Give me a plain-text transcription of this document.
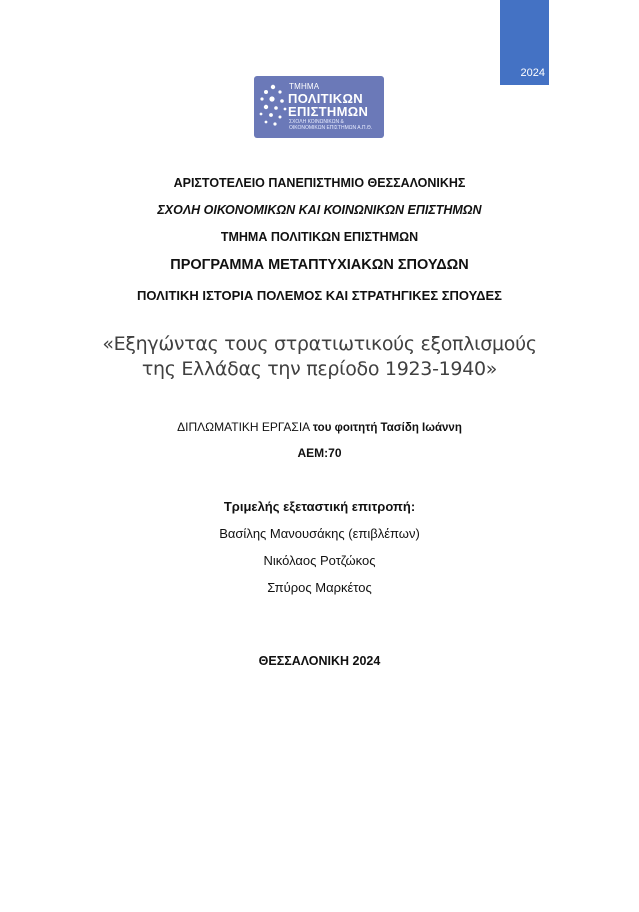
2024
ΤΜΗΜΑ
ΠΟΛΙΤΙΚΩΝ
ΕΠΙΣΤΗΜΩΝ
ΣΧΟΛΗ ΚΟΙΝΩΝΙΚΩΝ & ΟΙΚΟΝΟΜΙΚΩΝ ΕΠΙΣΤΗΜΩΝ Α.Π.Θ.
ΑΡΙΣΤΟΤΕΛΕΙΟ ΠΑΝΕΠΙΣΤΗΜΙΟ ΘΕΣΣΑΛΟΝΙΚΗΣ
ΣΧΟΛΗ ΟΙΚΟΝΟΜΙΚΩΝ ΚΑΙ ΚΟΙΝΩΝΙΚΩΝ ΕΠΙΣΤΗΜΩΝ
ΤΜΗΜΑ ΠΟΛΙΤΙΚΩΝ ΕΠΙΣΤΗΜΩΝ
ΠΡΟΓΡΑΜΜΑ ΜΕΤΑΠΤΥΧΙΑΚΩΝ ΣΠΟΥΔΩΝ
ΠΟΛΙΤΙΚΗ ΙΣΤΟΡΙΑ ΠΟΛΕΜΟΣ ΚΑΙ ΣΤΡΑΤΗΓΙΚΕΣ ΣΠΟΥΔΕΣ
«Εξηγώντας τους στρατιωτικούς εξοπλισμούς
της Ελλάδας την περίοδο 1923-1940»
ΔΙΠΛΩΜΑΤΙΚΗ ΕΡΓΑΣΙΑ του φοιτητή Τασίδη Ιωάννη
ΑΕΜ:70
Τριμελής εξεταστική επιτροπή:
Βασίλης Μανουσάκης (επιβλέπων)
Νικόλαος Ροτζώκος
Σπύρος Μαρκέτος
ΘΕΣΣΑΛΟΝΙΚΗ 2024
